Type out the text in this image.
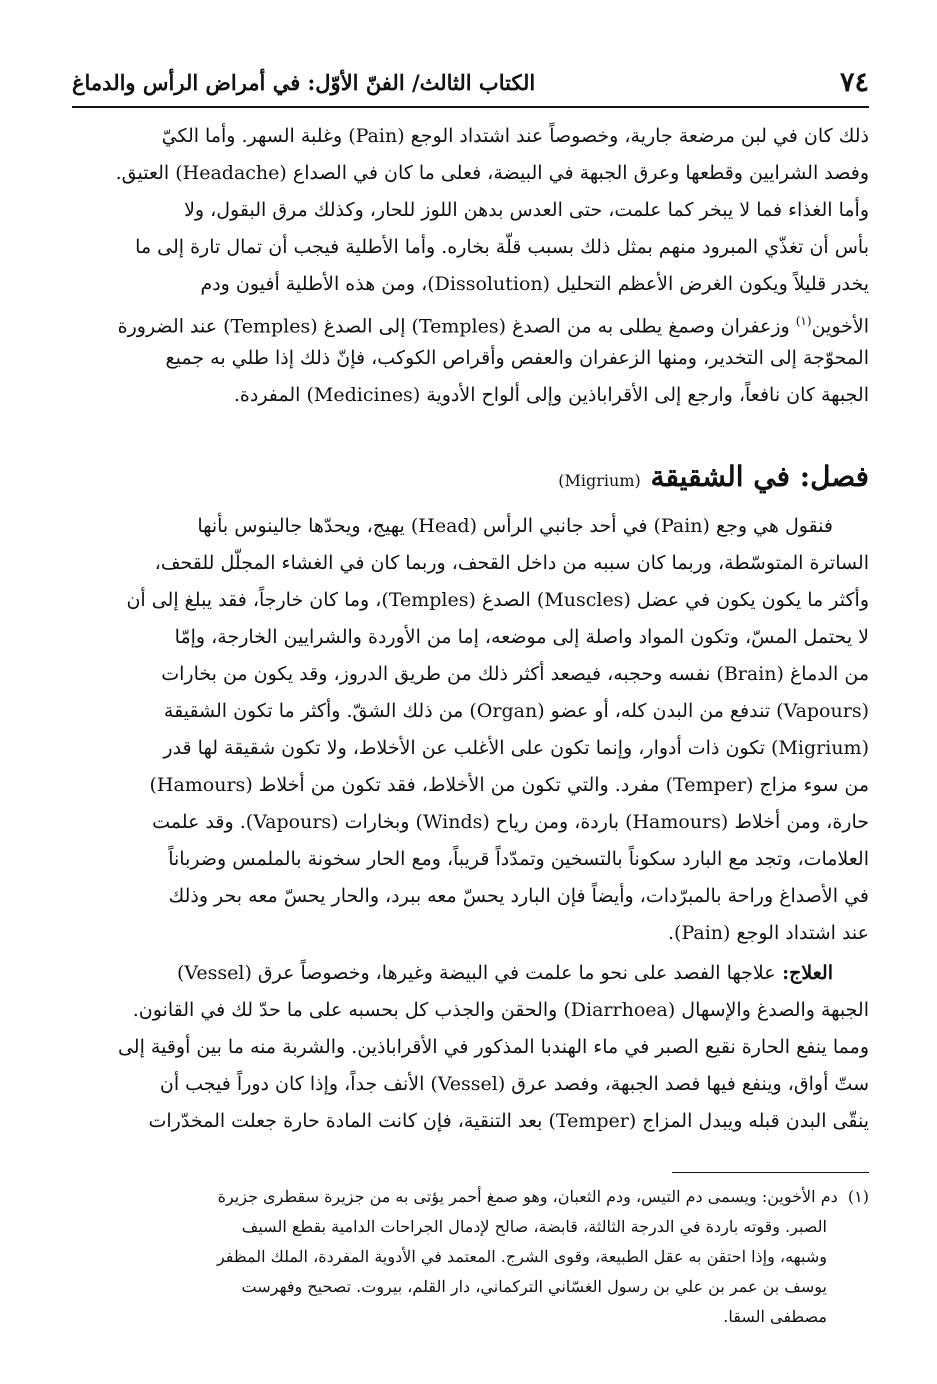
٧٤
الكتاب الثالث/ الفنّ الأوّل: في أمراض الرأس والدماغ
ذلك كان في لبن مرضعة جارية، وخصوصاً عند اشتداد الوجع (Pain) وغلبة السهر. وأما الكيّ
وفصد الشرايين وقطعها وعرق الجبهة في البيضة، فعلى ما كان في الصداع (Headache) العتيق.
وأما الغذاء فما لا يبخر كما علمت، حتى العدس بدهن اللوز للحار، وكذلك مرق البقول، ولا
بأس أن تغذّي المبرود منهم بمثل ذلك بسبب قلّة بخاره. وأما الأطلية فيجب أن تمال تارة إلى ما
يخدر قليلاً ويكون الغرض الأعظم التحليل (Dissolution)، ومن هذه الأطلية أفيون ودم
الأخوين$^{(١)}$ وزعفران وصمغ يطلى به من الصدغ (Temples) إلى الصدغ (Temples) عند الضرورة
المحوّجة إلى التخدير، ومنها الزعفران والعفص وأقراص الكوكب، فإنّ ذلك إذا طلي به جميع
الجبهة كان نافعاً، وارجع إلى الأقراباذين وإلى ألواح الأدوية (Medicines) المفردة.
فصل: في الشقيقة (Migrium)
فنقول هي وجع (Pain) في أحد جانبي الرأس (Head) يهيج، ويحدّها جالينوس بأنها
الساترة المتوسّطة، وربما كان سببه من داخل القحف، وربما كان في الغشاء المجلّل للقحف،
وأكثر ما يكون يكون في عضل (Muscles) الصدغ (Temples)، وما كان خارجاً، فقد يبلغ إلى أن
لا يحتمل المسّ، وتكون المواد واصلة إلى موضعه، إما من الأوردة والشرايين الخارجة، وإمّا
من الدماغ (Brain) نفسه وحجبه، فيصعد أكثر ذلك من طريق الدروز، وقد يكون من بخارات
(Vapours) تندفع من البدن كله، أو عضو (Organ) من ذلك الشقّ. وأكثر ما تكون الشقيقة
(Migrium) تكون ذات أدوار، وإنما تكون على الأغلب عن الأخلاط، ولا تكون شقيقة لها قدر
من سوء مزاج (Temper) مفرد. والتي تكون من الأخلاط، فقد تكون من أخلاط (Hamours)
حارة، ومن أخلاط (Hamours) باردة، ومن رياح (Winds) وبخارات (Vapours). وقد علمت
العلامات، وتجد مع البارد سكوناً بالتسخين وتمدّداً قريباً، ومع الحار سخونة بالملمس وضرباناً
في الأصداغ وراحة بالمبرّدات، وأيضاً فإن البارد يحسّ معه ببرد، والحار يحسّ معه بحر وذلك
عند اشتداد الوجع (Pain).
العلاج: علاجها الفصد على نحو ما علمت في البيضة وغيرها، وخصوصاً عرق (Vessel)
الجبهة والصدغ والإسهال (Diarrhoea) والحقن والجذب كل بحسبه على ما حدّ لك في القانون.
ومما ينفع الحارة نقيع الصبر في ماء الهندبا المذكور في الأقراباذين. والشربة منه ما بين أوقية إلى
ستّ أواق، وينفع فيها فصد الجبهة، وفصد عرق (Vessel) الأنف جداً، وإذا كان دوراً فيجب أن
ينقّى البدن قبله ويبدل المزاج (Temper) بعد التنقية، فإن كانت المادة حارة جعلت المخدّرات
(١)  دم الأخوين: ويسمى دم التيس، ودم الثعبان، وهو صمغ أحمر يؤتى به من جزيرة سقطرى جزيرة
الصبر. وقوته باردة في الدرجة الثالثة، قابضة، صالح لإدمال الجراحات الدامية بقطع السيف
وشبهه، وإذا احتقن به عقل الطبيعة، وقوى الشرج. المعتمد في الأدوية المفردة، الملك المظفر
يوسف بن عمر بن علي بن رسول الغسّاني التركماني، دار القلم، بيروت. تصحيح وفهرست
مصطفى السقا.
